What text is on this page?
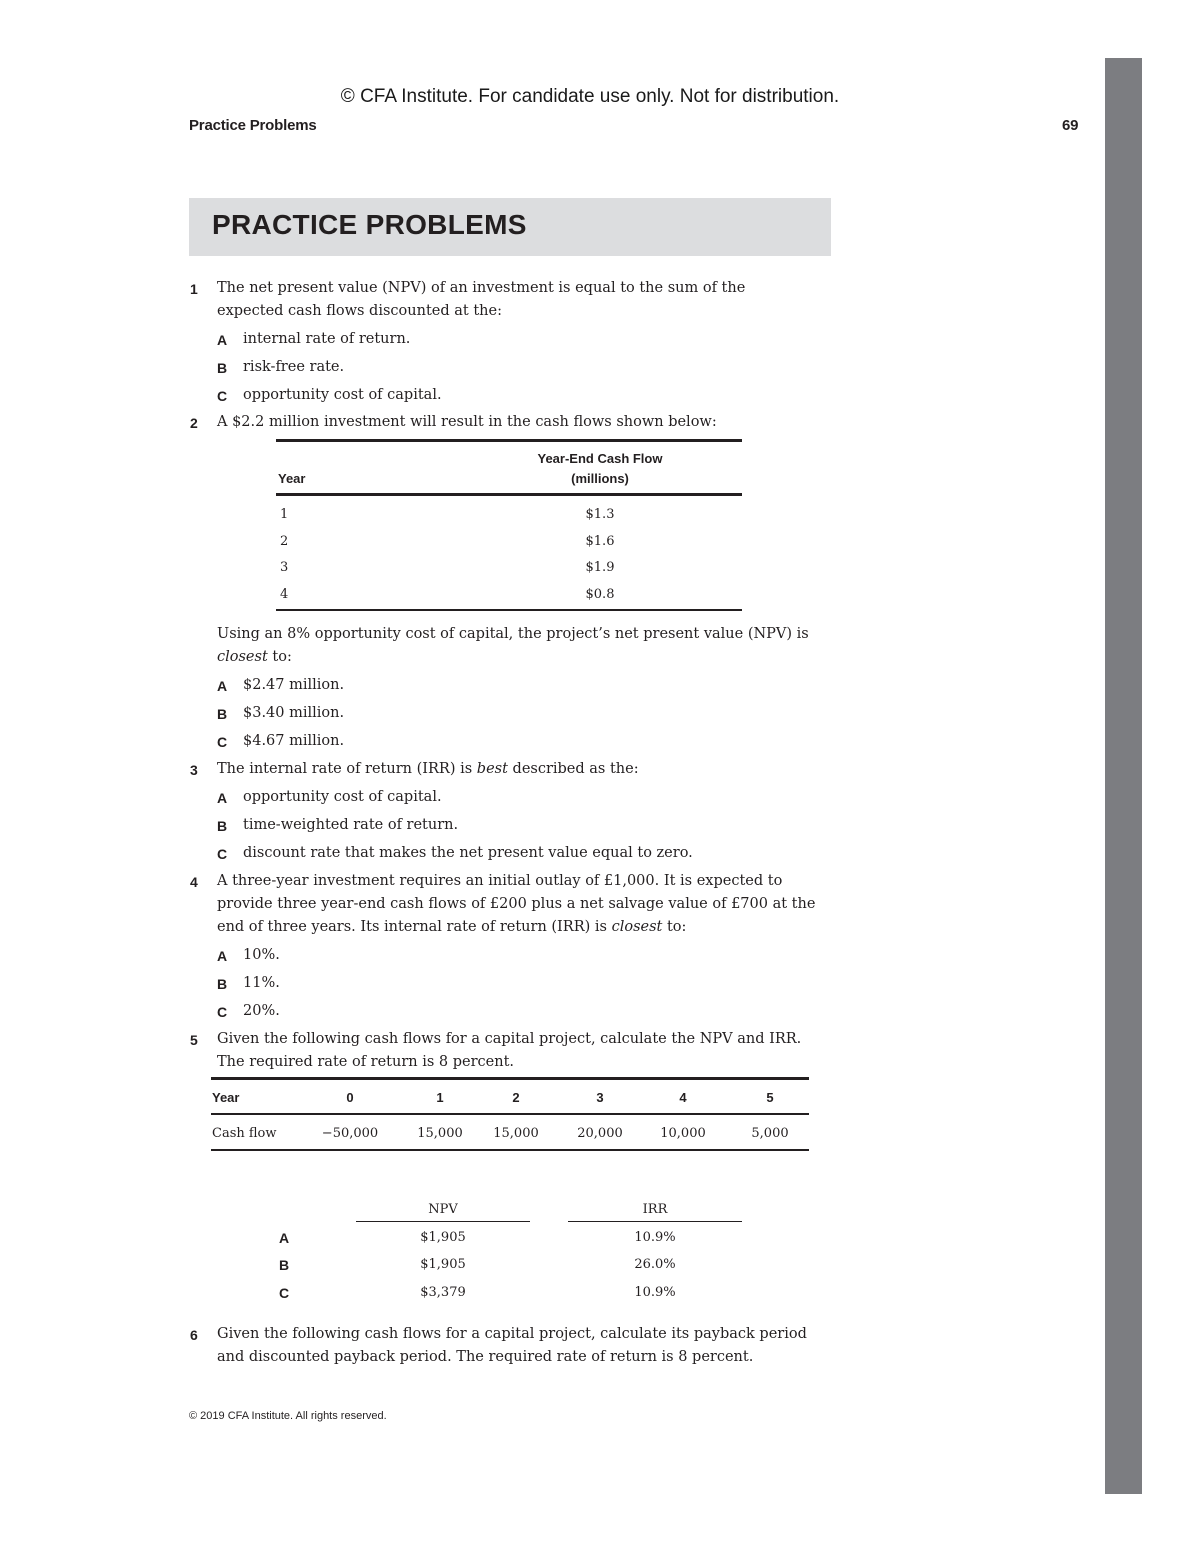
© CFA Institute. For candidate use only. Not for distribution.
Practice Problems	69
PRACTICE PROBLEMS
1 The net present value (NPV) of an investment is equal to the sum of the
expected cash flows discounted at the:
A internal rate of return.
B risk-free rate.
C opportunity cost of capital.
2 A $2.2 million investment will result in the cash flows shown below:
Year-End Cash Flow
Year	(millions)
1	$1.3
2	$1.6
3	$1.9
4	$0.8
Using an 8% opportunity cost of capital, the project’s net present value (NPV) is
closest to:
A $2.47 million.
B $3.40 million.
C $4.67 million.
3 The internal rate of return (IRR) is best described as the:
A opportunity cost of capital.
B time-weighted rate of return.
C discount rate that makes the net present value equal to zero.
4 A three-year investment requires an initial outlay of £1,000. It is expected to
provide three year-end cash flows of £200 plus a net salvage value of £700 at the
end of three years. Its internal rate of return (IRR) is closest to:
A 10%.
B 11%.
C 20%.
5 Given the following cash flows for a capital project, calculate the NPV and IRR.
The required rate of return is 8 percent.
Year	0	1	2	3	4	5
Cash flow	−50,000	15,000	15,000	20,000	10,000	5,000
NPV	IRR
A	$1,905	10.9%
B	$1,905	26.0%
C	$3,379	10.9%
6 Given the following cash flows for a capital project, calculate its payback period
and discounted payback period. The required rate of return is 8 percent.
© 2019 CFA Institute. All rights reserved.
